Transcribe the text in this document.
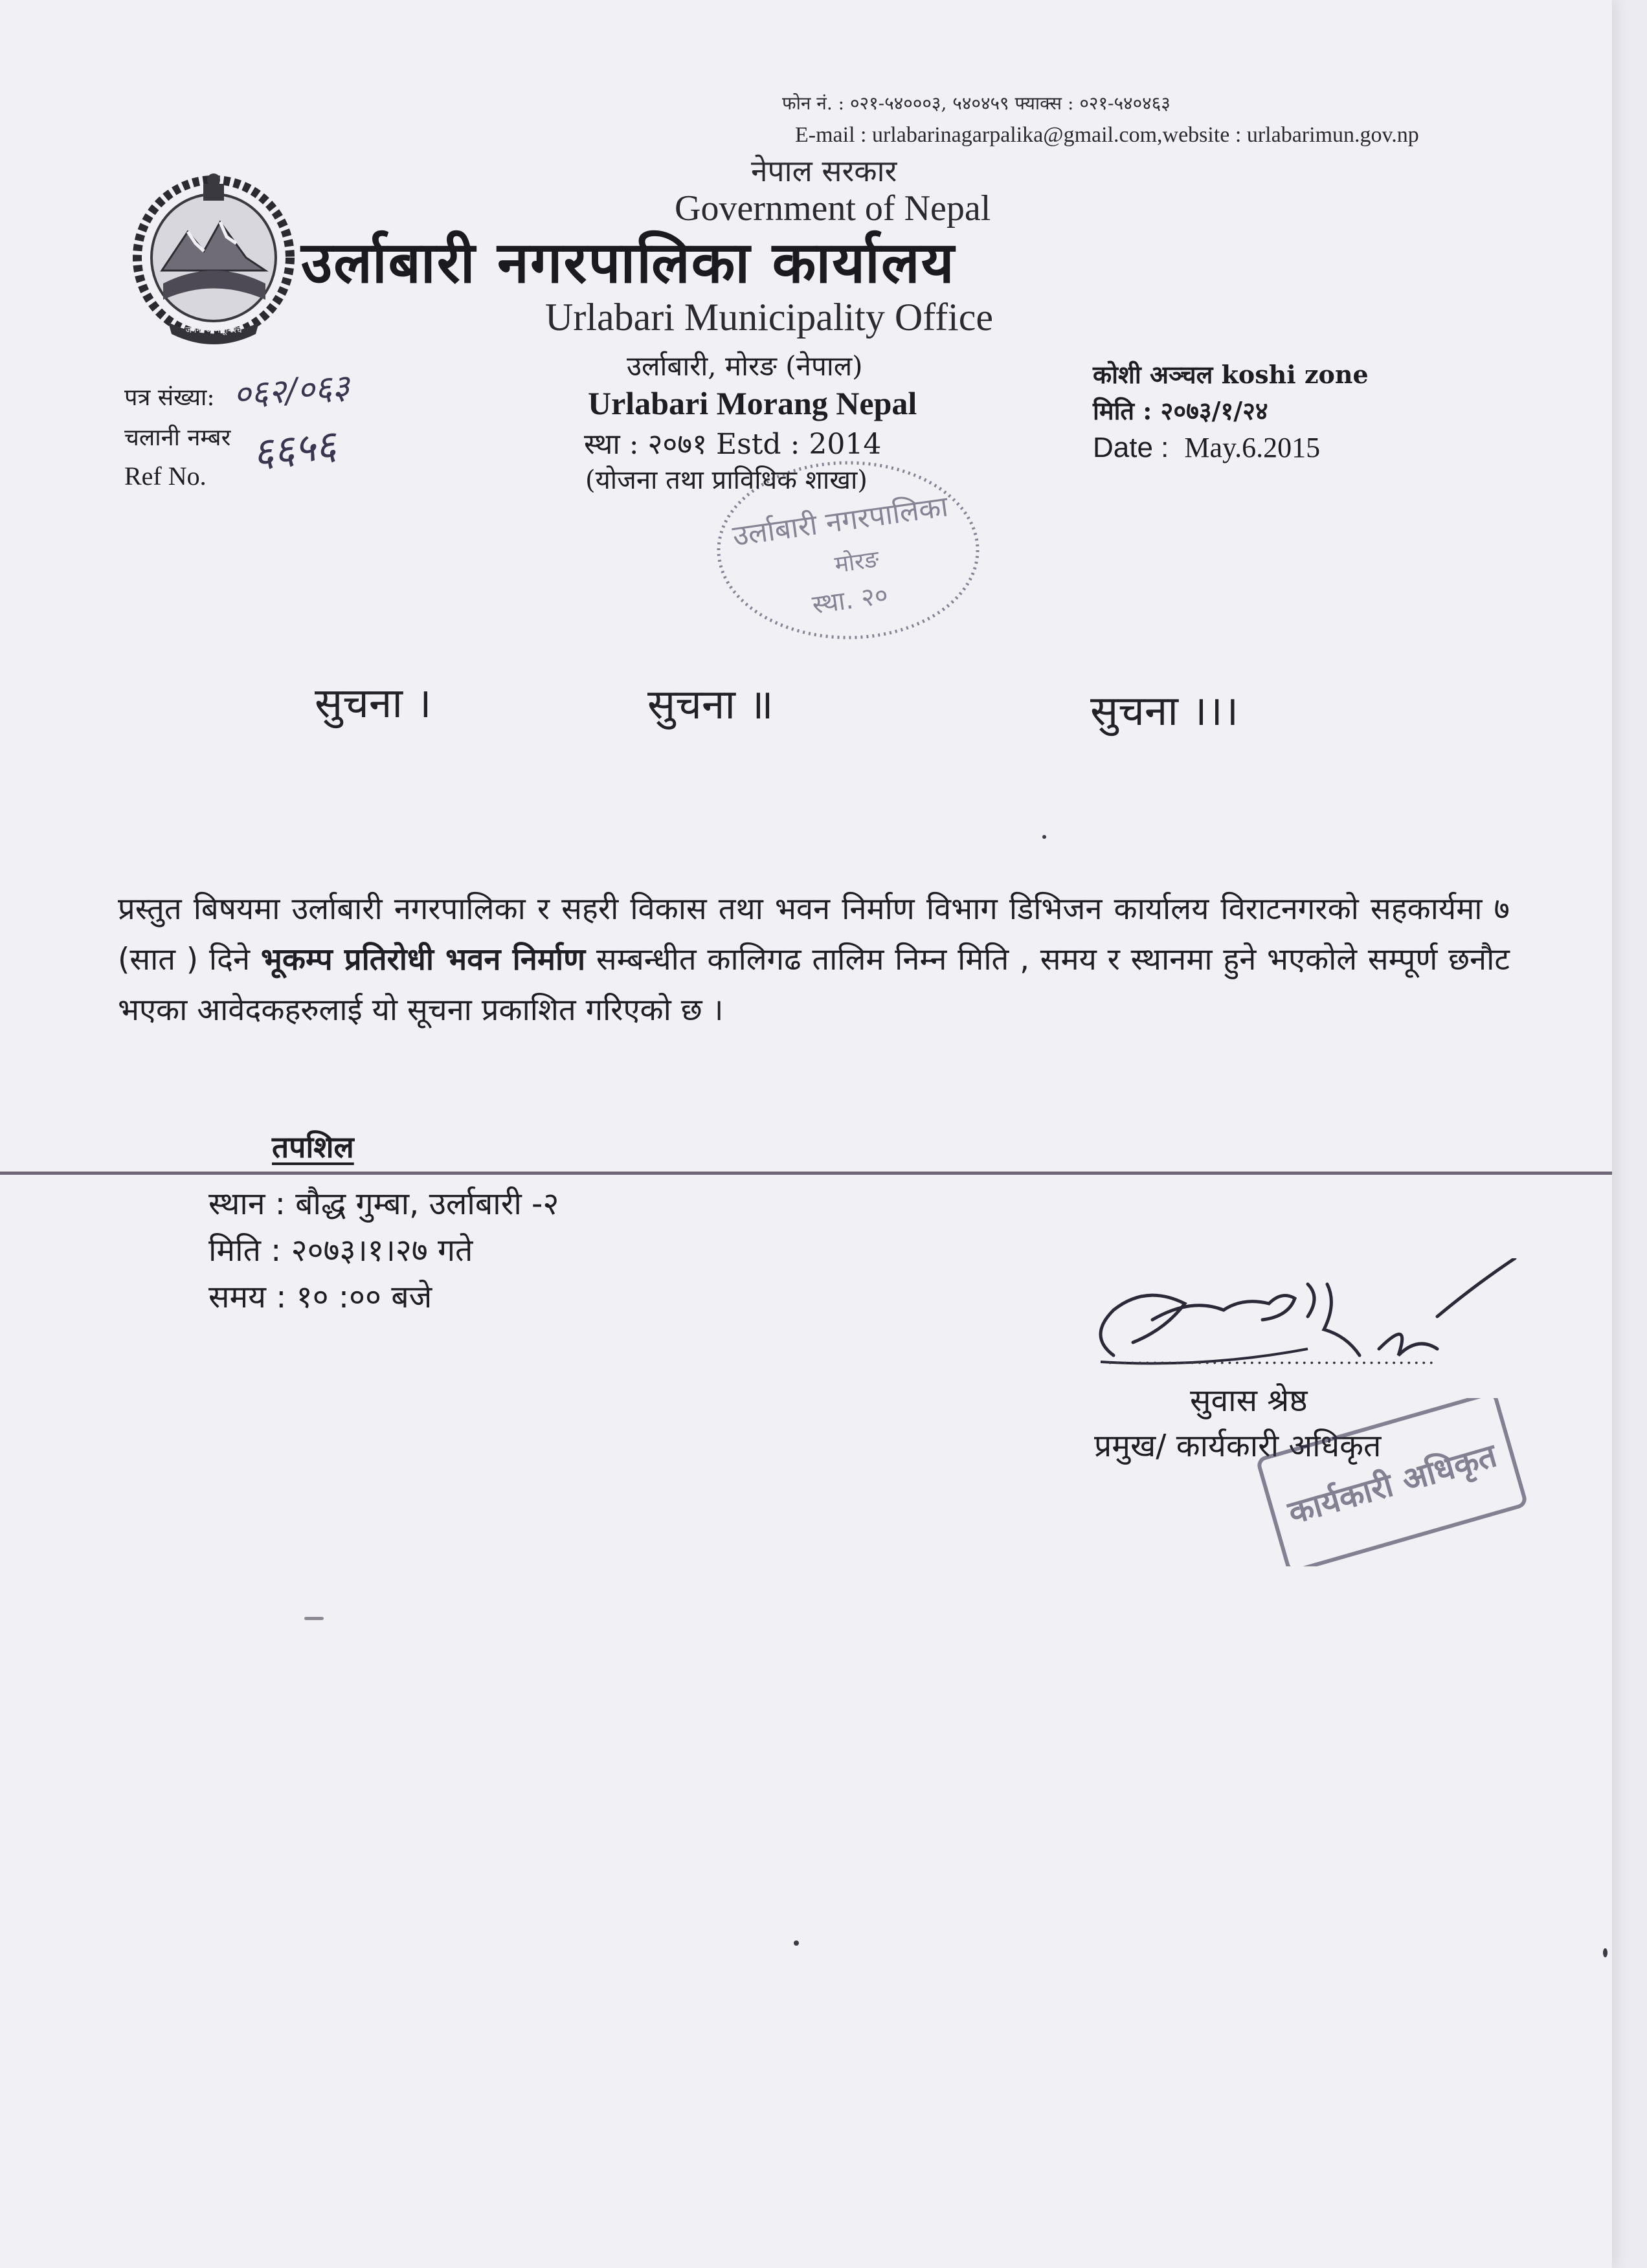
जननी जन्मभूमिश्च
फोन नं. : ०२१-५४०००३, ५४०४५९ फ्याक्स : ०२१-५४०४६३
E-mail : urlabarinagarpalika@gmail.com,website : urlabarimun.gov.np
नेपाल सरकार
Government of Nepal
उर्लाबारी नगरपालिका कार्यालय
Urlabari Municipality Office
उर्लाबारी, मोरङ (नेपाल)
Urlabari Morang Nepal
स्था : २०७१ Estd : 2014
(योजना तथा प्राविधिक शाखा)
कोशी अञ्चल koshi zone
मिति : २०७३/१/२४
Date : May.6.2015
पत्र संख्या: ०६२/०६३
चलानी नम्बर ६६५६
Ref No.
उर्लाबारी नगरपालिका
मोरङ
स्था. २०
सुचना ।	सुचना ॥	सुचना ।।।

प्रस्तुत बिषयमा उर्लाबारी नगरपालिका र सहरी विकास तथा भवन निर्माण विभाग डिभिजन कार्यालय विराटनगरको सहकार्यमा ७ (सात ) दिने भूकम्प प्रतिरोधी भवन निर्माण सम्बन्धीत कालिगढ तालिम निम्न मिति , समय र स्थानमा हुने भएकोले सम्पूर्ण छनौट भएका आवेदकहरुलाई यो सूचना प्रकाशित गरिएको छ ।

तपशिल
स्थान : बौद्ध गुम्बा, उर्लाबारी -२
मिति : २०७३।१।२७ गते
समय : १० :०० बजे
............................................
सुवास श्रेष्ठ
प्रमुख/ कार्यकारी अधिकृत
कार्यकारी अधिकृत
